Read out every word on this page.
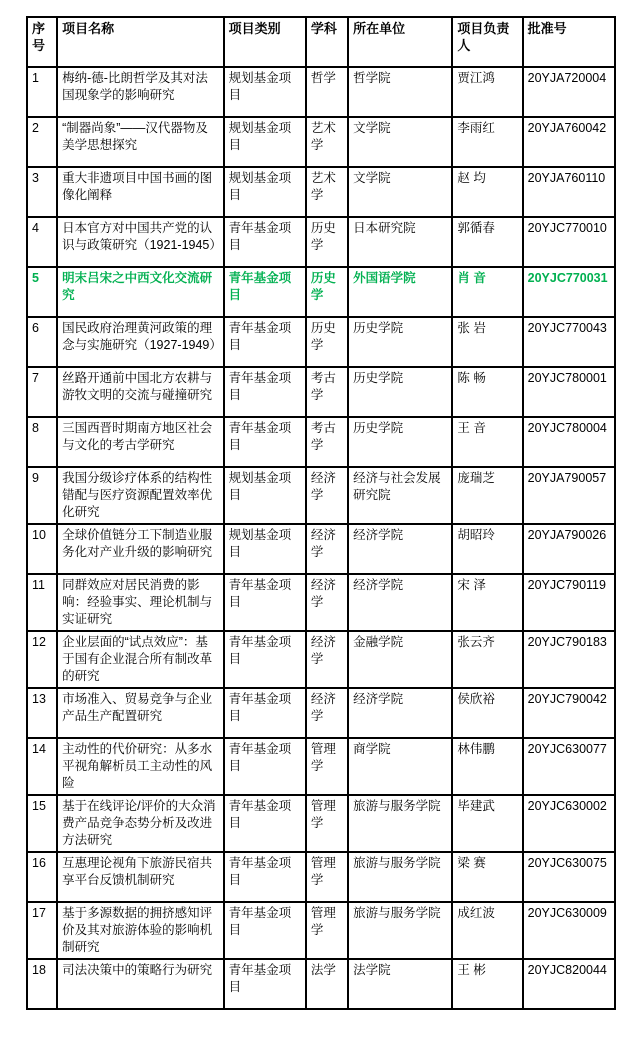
序号	项目名称	项目类别	学科	所在单位	项目负责人	批准号
1	梅纳-德-比朗哲学及其对法国现象学的影响研究	规划基金项目	哲学	哲学院	贾江鸿	20YJA720004
2	“制器尚象”——汉代器物及美学思想探究	规划基金项目	艺术学	文学院	李雨红	20YJA760042
3	重大非遗项目中国书画的图像化阐释	规划基金项目	艺术学	文学院	赵 均	20YJA760110
4	日本官方对中国共产党的认识与政策研究（1921-1945）	青年基金项目	历史学	日本研究院	郭循春	20YJC770010
5	明末吕宋之中西文化交流研究	青年基金项目	历史学	外国语学院	肖 音	20YJC770031
6	国民政府治理黄河政策的理念与实施研究（1927-1949）	青年基金项目	历史学	历史学院	张 岩	20YJC770043
7	丝路开通前中国北方农耕与游牧文明的交流与碰撞研究	青年基金项目	考古学	历史学院	陈 畅	20YJC780001
8	三国西晋时期南方地区社会与文化的考古学研究	青年基金项目	考古学	历史学院	王 音	20YJC780004
9	我国分级诊疗体系的结构性错配与医疗资源配置效率优化研究	规划基金项目	经济学	经济与社会发展研究院	庞瑞芝	20YJA790057
10	全球价值链分工下制造业服务化对产业升级的影响研究	规划基金项目	经济学	经济学院	胡昭玲	20YJA790026
11	同群效应对居民消费的影响：经验事实、理论机制与实证研究	青年基金项目	经济学	经济学院	宋 泽	20YJC790119
12	企业层面的“试点效应”：基于国有企业混合所有制改革的研究	青年基金项目	经济学	金融学院	张云齐	20YJC790183
13	市场准入、贸易竞争与企业产品生产配置研究	青年基金项目	经济学	经济学院	侯欣裕	20YJC790042
14	主动性的代价研究：从多水平视角解析员工主动性的风险	青年基金项目	管理学	商学院	林伟鹏	20YJC630077
15	基于在线评论/评价的大众消费产品竞争态势分析及改进方法研究	青年基金项目	管理学	旅游与服务学院	毕建武	20YJC630002
16	互惠理论视角下旅游民宿共享平台反馈机制研究	青年基金项目	管理学	旅游与服务学院	梁 赛	20YJC630075
17	基于多源数据的拥挤感知评价及其对旅游体验的影响机制研究	青年基金项目	管理学	旅游与服务学院	成红波	20YJC630009
18	司法决策中的策略行为研究	青年基金项目	法学	法学院	王 彬	20YJC820044
